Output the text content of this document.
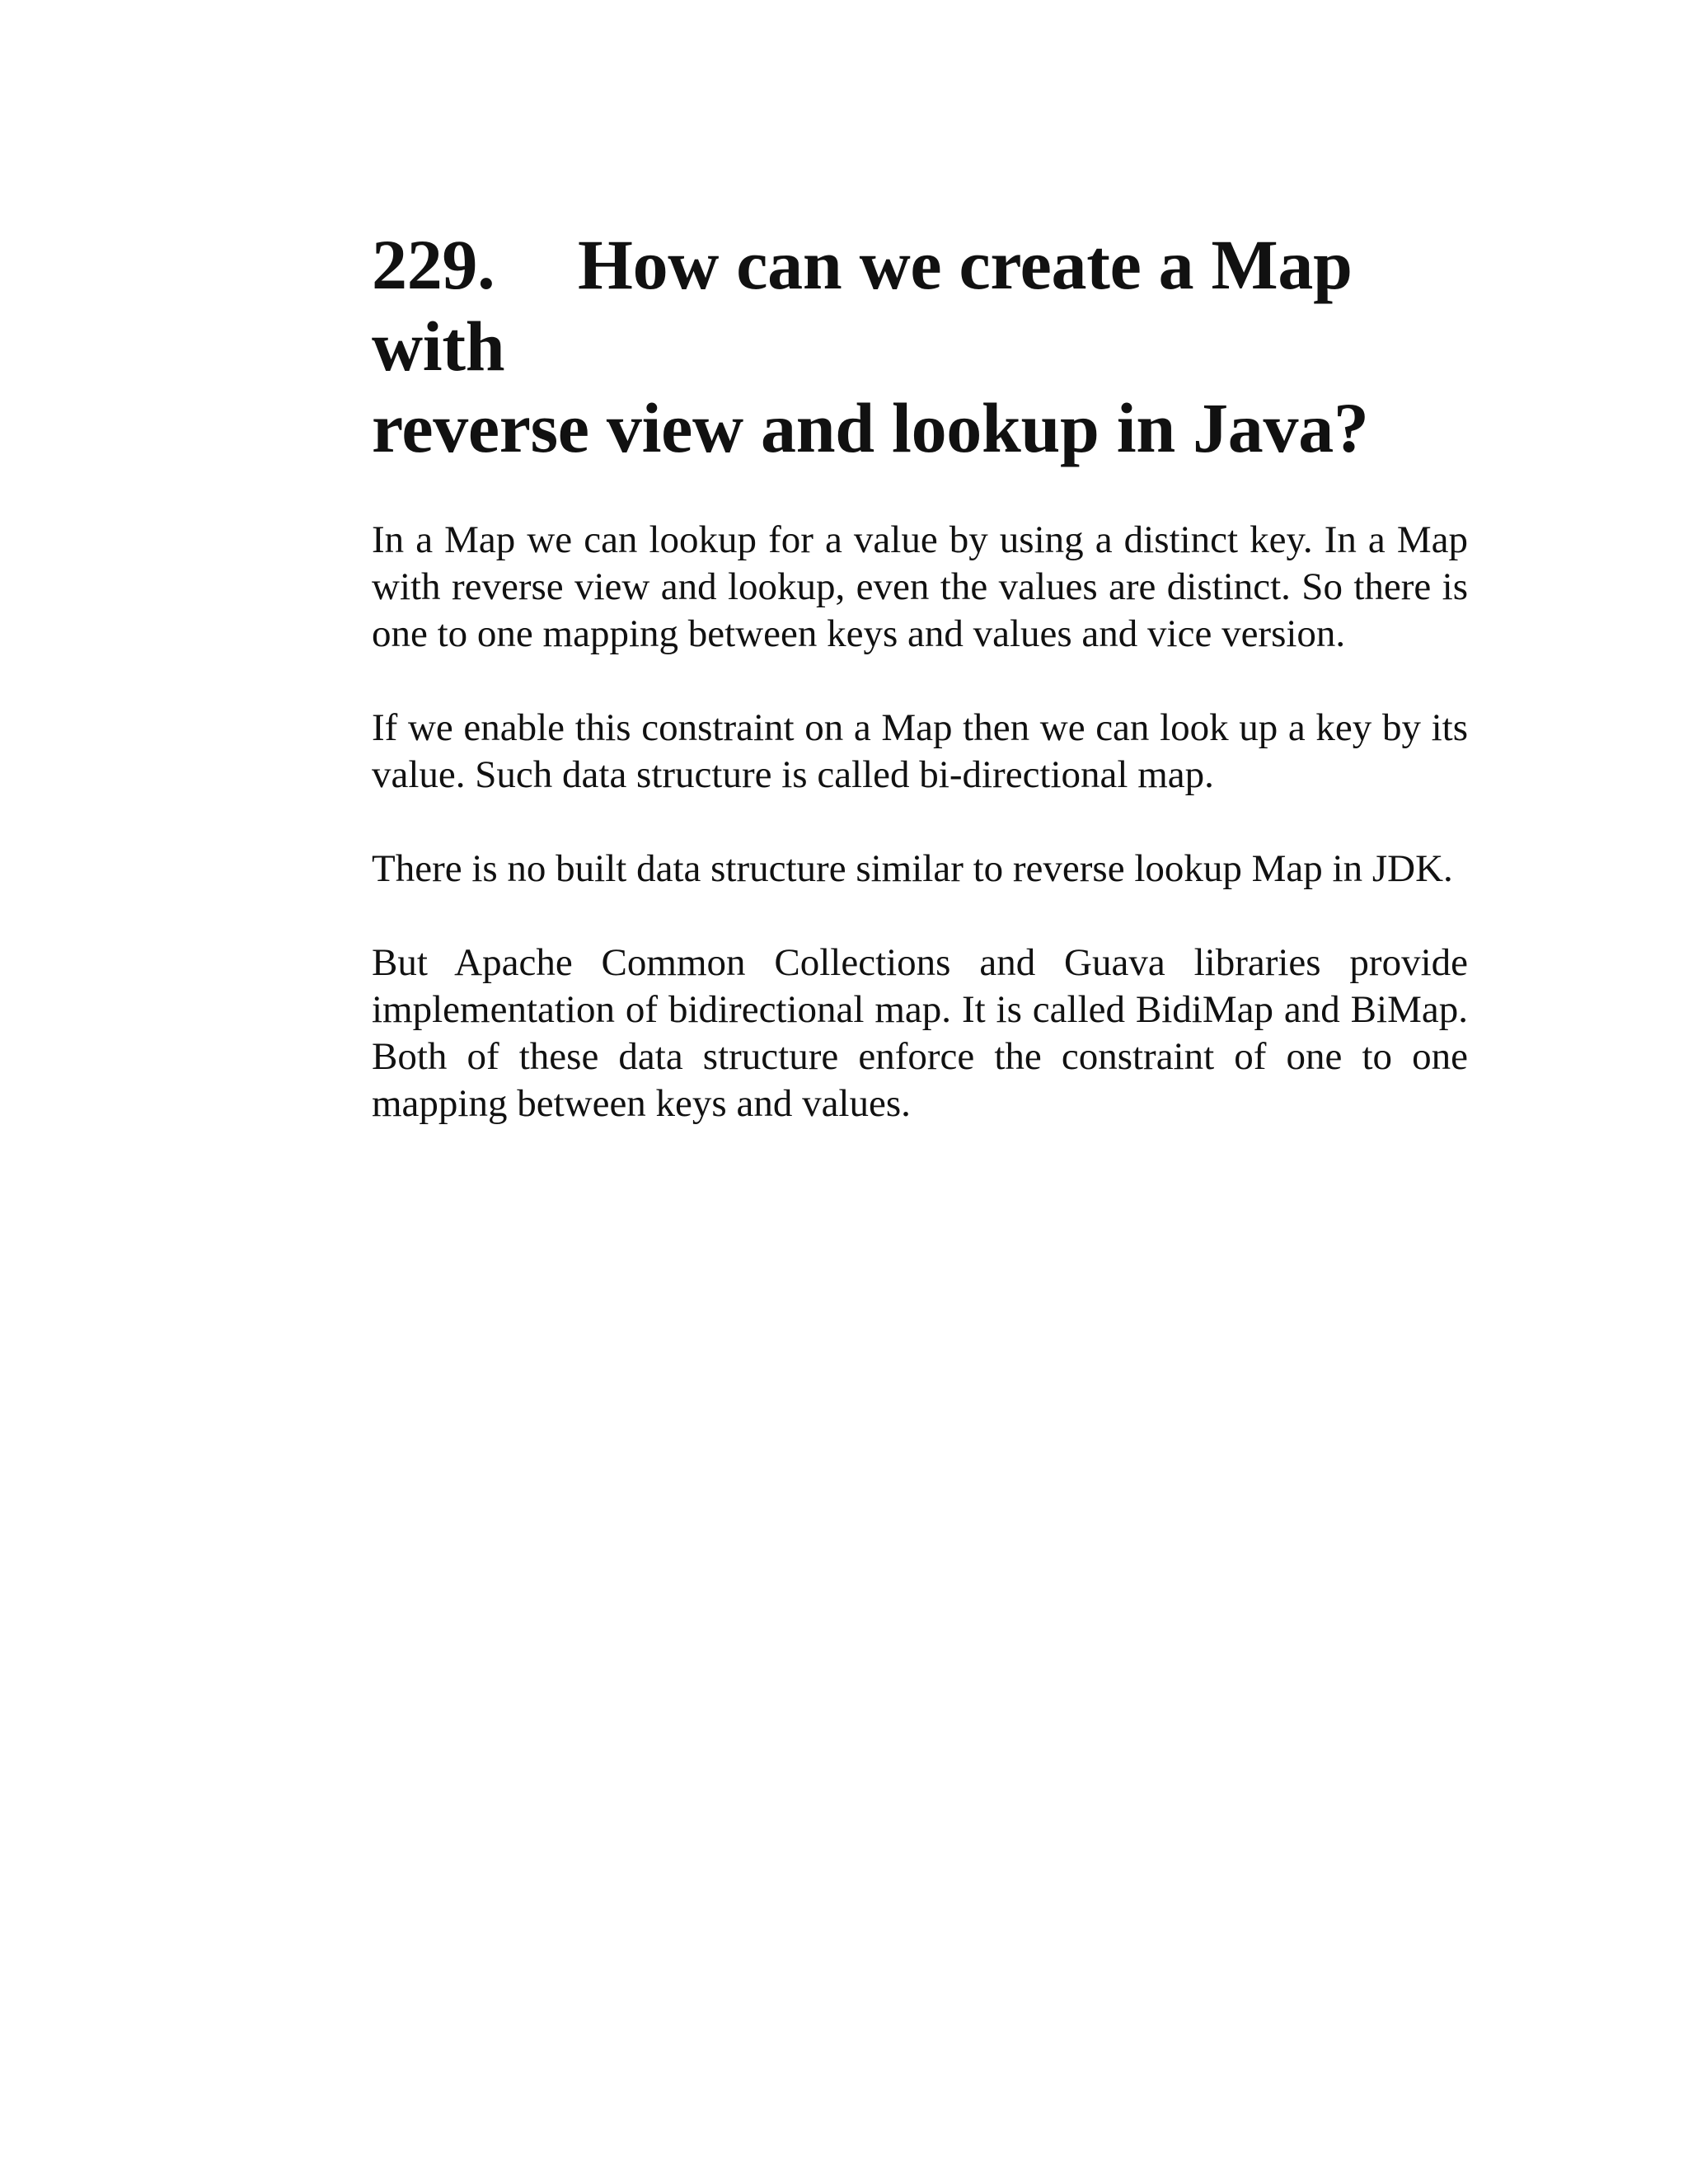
229. How can we create a Map with
reverse view and lookup in Java?

In a Map we can lookup for a value by using a distinct key. In a Map with reverse view and lookup, even the values are distinct. So there is one to one mapping between keys and values and vice version.

If we enable this constraint on a Map then we can look up a key by its value. Such data structure is called bi-directional map.

There is no built data structure similar to reverse lookup Map in JDK.

But Apache Common Collections and Guava libraries provide implementation of bidirectional map. It is called BidiMap and BiMap. Both of these data structure enforce the constraint of one to one mapping between keys and values.
